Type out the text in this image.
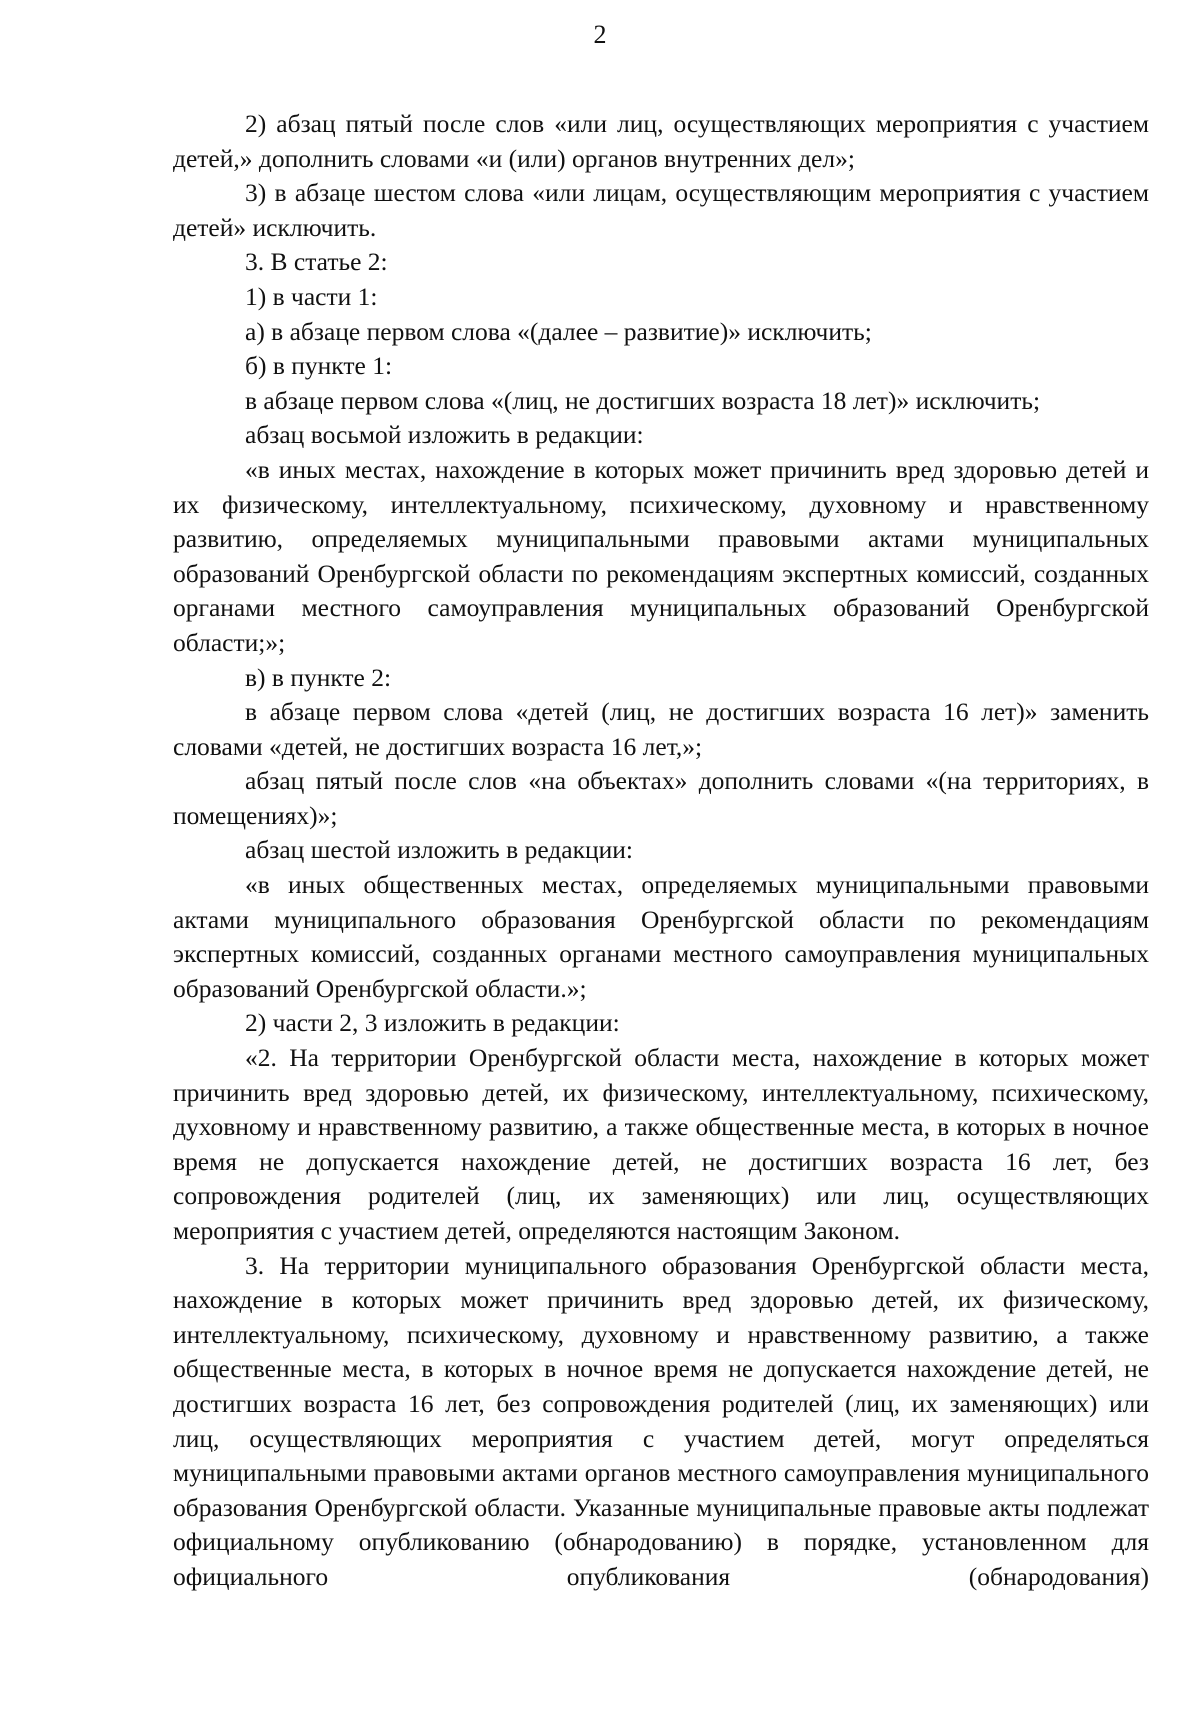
2

2) абзац пятый после слов «или лиц, осуществляющих мероприятия с участием детей,» дополнить словами «и (или) органов внутренних дел»;

3) в абзаце шестом слова «или лицам, осуществляющим мероприятия с участием детей» исключить.

3. В статье 2:

1) в части 1:

а) в абзаце первом слова «(далее – развитие)» исключить;

б) в пункте 1:

в абзаце первом слова «(лиц, не достигших возраста 18 лет)» исключить;

абзац восьмой изложить в редакции:

«в иных местах, нахождение в которых может причинить вред здоровью детей и их физическому, интеллектуальному, психическому, духовному и нравственному развитию, определяемых муниципальными правовыми актами муниципальных образований Оренбургской области по рекомендациям экспертных комиссий, созданных органами местного самоуправления муниципальных образований Оренбургской области;»;

в) в пункте 2:

в абзаце первом слова «детей (лиц, не достигших возраста 16 лет)» заменить словами «детей, не достигших возраста 16 лет,»;

абзац пятый после слов «на объектах» дополнить словами «(на территориях, в помещениях)»;

абзац шестой изложить в редакции:

«в иных общественных местах, определяемых муниципальными правовыми актами муниципального образования Оренбургской области по рекомендациям экспертных комиссий, созданных органами местного самоуправления муниципальных образований Оренбургской области.»;

2) части 2, 3 изложить в редакции:

«2. На территории Оренбургской области места, нахождение в которых может причинить вред здоровью детей, их физическому, интеллектуальному, психическому, духовному и нравственному развитию, а также общественные места, в которых в ночное время не допускается нахождение детей, не достигших возраста 16 лет, без сопровождения родителей (лиц, их заменяющих) или лиц, осуществляющих мероприятия с участием детей, определяются настоящим Законом.

3. На территории муниципального образования Оренбургской области места, нахождение в которых может причинить вред здоровью детей, их физическому, интеллектуальному, психическому, духовному и нравственному развитию, а также общественные места, в которых в ночное время не допускается нахождение детей, не достигших возраста 16 лет, без сопровождения родителей (лиц, их заменяющих) или лиц, осуществляющих мероприятия с участием детей, могут определяться муниципальными правовыми актами органов местного самоуправления муниципального образования Оренбургской области. Указанные муниципальные правовые акты подлежат официальному опубликованию (обнародованию) в порядке, установленном для официального опубликования (обнародования)
